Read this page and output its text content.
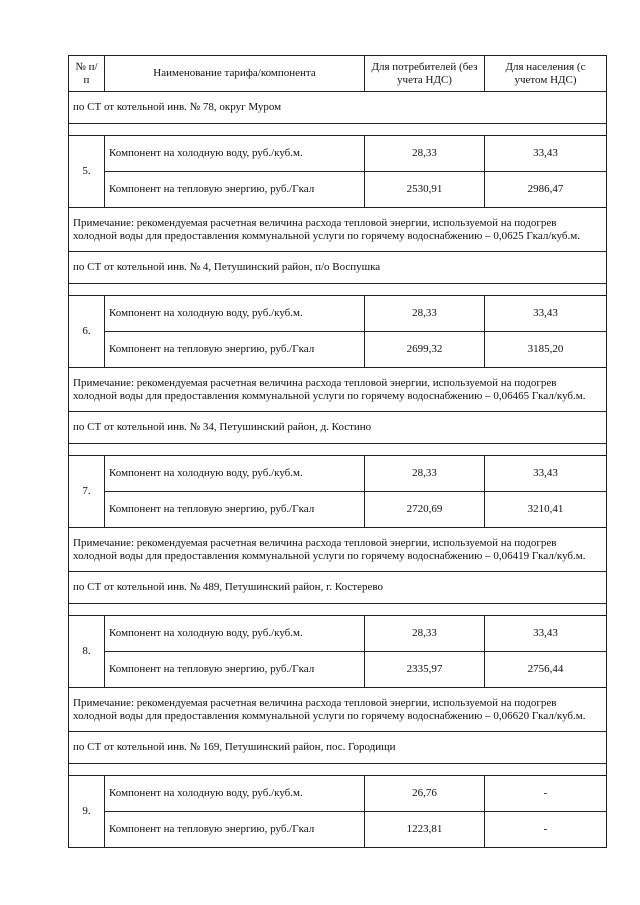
№ п/п	Наименование тарифа/компонента	Для потребителей (без учета НДС)	Для населения (с учетом НДС)
по СТ от котельной инв. № 78, округ Муром			

5.	Компонент на холодную воду, руб./куб.м.	28,33	33,43
	Компонент на тепловую энергию, руб./Гкал	2530,91	2986,47
Примечание: рекомендуемая расчетная величина расхода тепловой энергии, используемой на подогрев холодной воды для предоставления коммунальной услуги по горячему водоснабжению – 0,0625 Гкал/куб.м.			
по СТ от котельной инв. № 4, Петушинский район, п/о Воспушка			

6.	Компонент на холодную воду, руб./куб.м.	28,33	33,43
	Компонент на тепловую энергию, руб./Гкал	2699,32	3185,20
Примечание: рекомендуемая расчетная величина расхода тепловой энергии, используемой на подогрев холодной воды для предоставления коммунальной услуги по горячему водоснабжению – 0,06465 Гкал/куб.м.			
по СТ от котельной инв. № 34, Петушинский район, д. Костино			

7.	Компонент на холодную воду, руб./куб.м.	28,33	33,43
	Компонент на тепловую энергию, руб./Гкал	2720,69	3210,41
Примечание: рекомендуемая расчетная величина расхода тепловой энергии, используемой на подогрев холодной воды для предоставления коммунальной услуги по горячему водоснабжению – 0,06419 Гкал/куб.м.			
по СТ от котельной инв. № 489, Петушинский район, г. Костерево			

8.	Компонент на холодную воду, руб./куб.м.	28,33	33,43
	Компонент на тепловую энергию, руб./Гкал	2335,97	2756,44
Примечание: рекомендуемая расчетная величина расхода тепловой энергии, используемой на подогрев холодной воды для предоставления коммунальной услуги по горячему водоснабжению – 0,06620 Гкал/куб.м.			
по СТ от котельной инв. № 169, Петушинский район, пос. Городищи			

9.	Компонент на холодную воду, руб./куб.м.	26,76	-
	Компонент на тепловую энергию, руб./Гкал	1223,81	-
